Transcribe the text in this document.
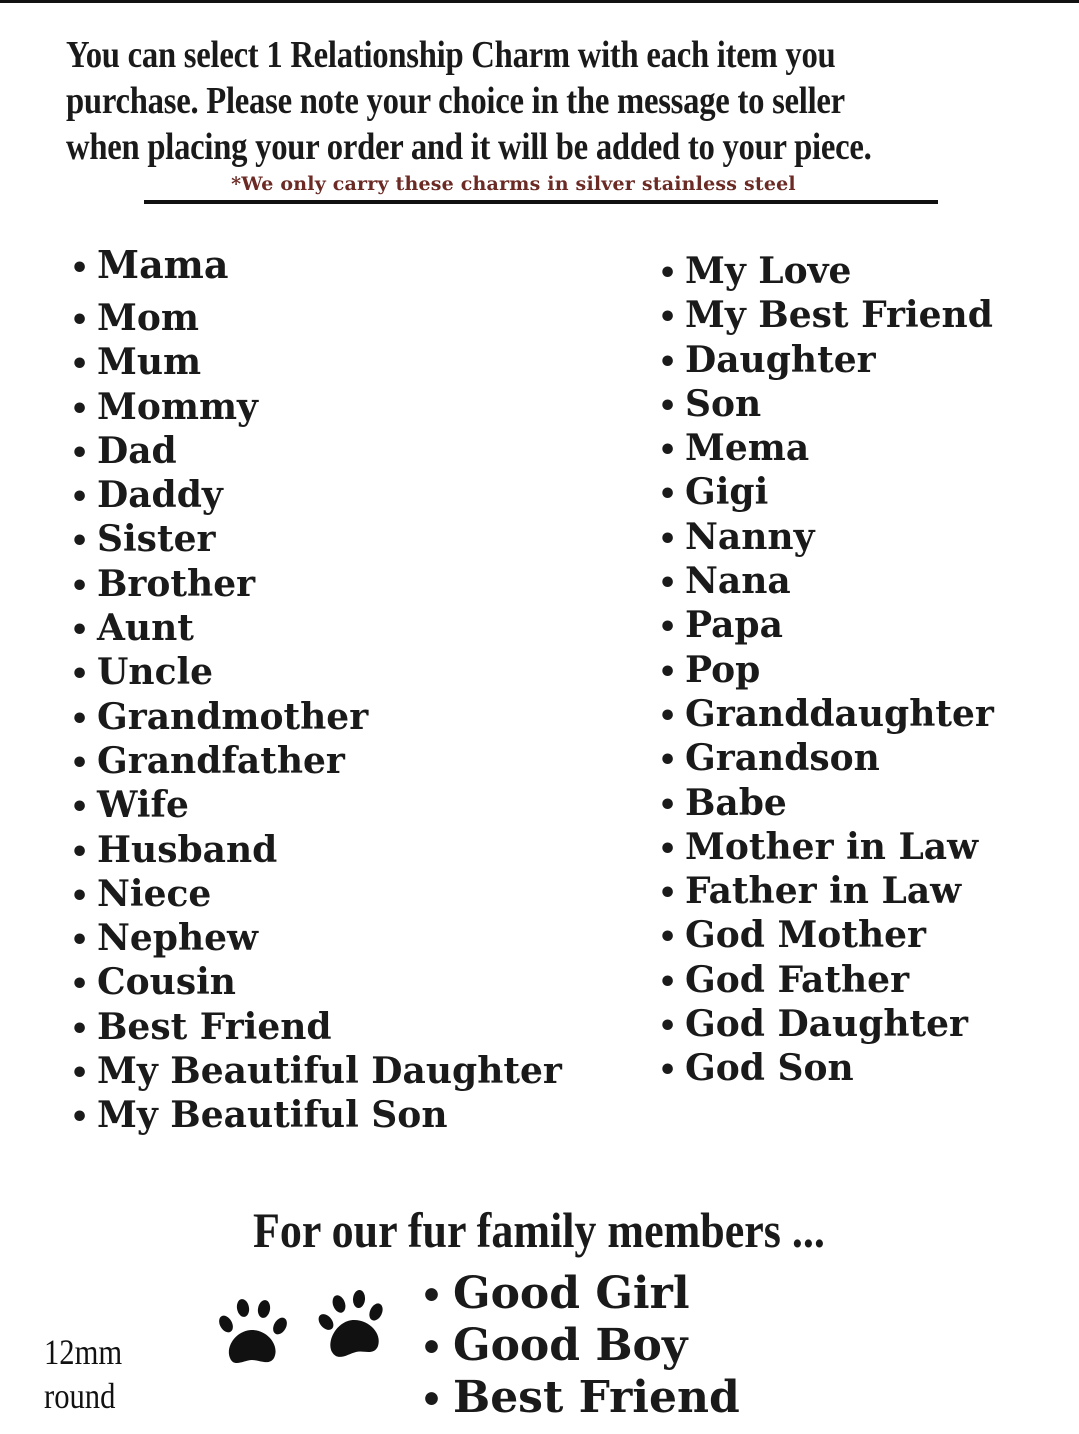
You can select 1 Relationship Charm with each item you
purchase. Please note your choice in the message to seller
when placing your order and it will be added to your piece.
*We only carry these charms in silver stainless steel
• Mama
• Mom
• Mum
• Mommy
• Dad
• Daddy
• Sister
• Brother
• Aunt
• Uncle
• Grandmother
• Grandfather
• Wife
• Husband
• Niece
• Nephew
• Cousin
• Best Friend
• My Beautiful Daughter
• My Beautiful Son
• My Love
• My Best Friend
• Daughter
• Son
• Mema
• Gigi
• Nanny
• Nana
• Papa
• Pop
• Granddaughter
• Grandson
• Babe
• Mother in Law
• Father in Law
• God Mother
• God Father
• God Daughter
• God Son
For our fur family members ...
• Good Girl
• Good Boy
• Best Friend
12mm
round
